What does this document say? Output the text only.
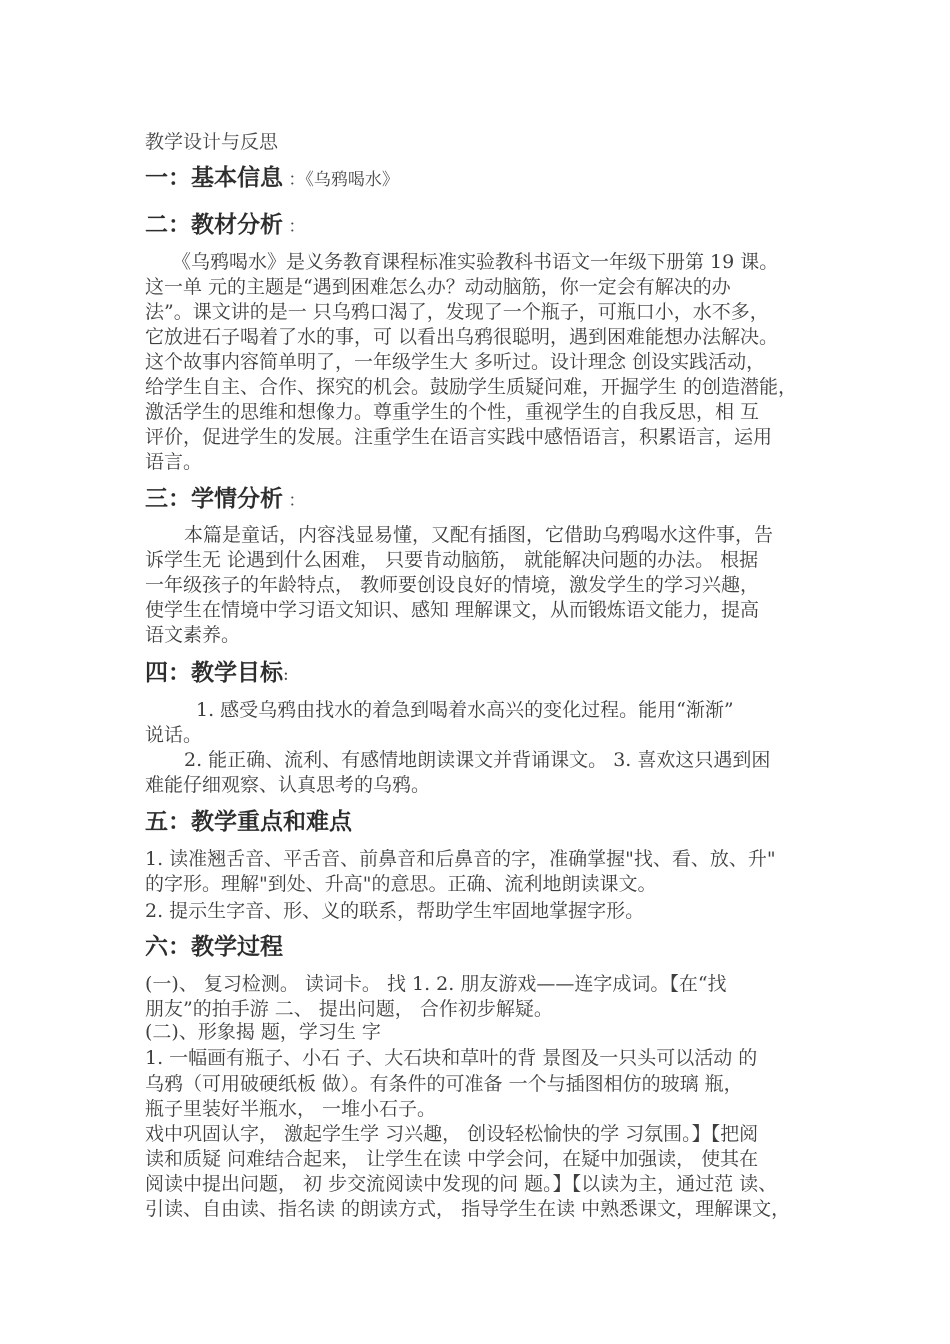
教学设计与反思
一：基本信息 ：《乌鸦喝水》
二：教材分析 ：
《乌鸦喝水》是义务教育课程标准实验教科书语文一年级下册第 19 课。
这一单 元的主题是“遇到困难怎么办？动动脑筋，你一定会有解决的办
法”。课文讲的是一 只乌鸦口渴了，发现了一个瓶子，可瓶口小，水不多，
它放进石子喝着了水的事，可 以看出乌鸦很聪明，遇到困难能想办法解决。
这个故事内容简单明了，一年级学生大 多听过。设计理念 创设实践活动，
给学生自主、合作、探究的机会。鼓励学生质疑问难，开掘学生 的创造潜能，
激活学生的思维和想像力。尊重学生的个性，重视学生的自我反思，相 互
评价，促进学生的发展。注重学生在语言实践中感悟语言，积累语言，运用
语言。
三：学情分析 ：
本篇是童话，内容浅显易懂，又配有插图，它借助乌鸦喝水这件事，告
诉学生无 论遇到什么困难， 只要肯动脑筋， 就能解决问题的办法。 根据
一年级孩子的年龄特点， 教师要创设良好的情境，激发学生的学习兴趣，
使学生在情境中学习语文知识、感知 理解课文，从而锻炼语文能力，提高
语文素养。
四：教学目标:
1. 感受乌鸦由找水的着急到喝着水高兴的变化过程。能用“渐渐”
说话。
2. 能正确、流利、有感情地朗读课文并背诵课文。 3. 喜欢这只遇到困
难能仔细观察、认真思考的乌鸦。
五：教学重点和难点
1. 读准翘舌音、平舌音、前鼻音和后鼻音的字，准确掌握"找、看、放、升"
的字形。理解"到处、升高"的意思。正确、流利地朗读课文。
2. 提示生字音、形、义的联系，帮助学生牢固地掌握字形。
六：教学过程
(一)、 复习检测。 读词卡。 找 1. 2. 朋友游戏——连字成词。【在“找
朋友”的拍手游 二、 提出问题， 合作初步解疑。
(二)、形象揭 题，学习生 字
1. 一幅画有瓶子、小石 子、大石块和草叶的背 景图及一只头可以活动 的
乌鸦（可用破硬纸板 做）。有条件的可准备 一个与插图相仿的玻璃 瓶，
瓶子里装好半瓶水， 一堆小石子。
戏中巩固认字， 激起学生学 习兴趣， 创设轻松愉快的学 习氛围。】【把阅
读和质疑 问难结合起来， 让学生在读 中学会问，在疑中加强读， 使其在
阅读中提出问题， 初 步交流阅读中发现的问 题。】【以读为主，通过范 读、
引读、自由读、指名读 的朗读方式， 指导学生在读 中熟悉课文，理解课文，
